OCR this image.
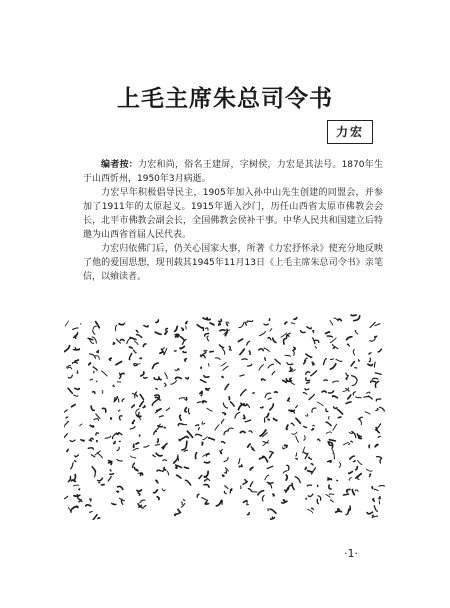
上毛主席朱总司令书
力宏

编者按：力宏和尚，俗名王建屏，字树侯，力宏是其法号。1870年生于山西忻州，1950年3月病逝。

力宏早年积极倡导民主，1905年加入孙中山先生创建的同盟会，并参加了1911年的太原起义。1915年遁入沙门，历任山西省太原市佛教会会长，北平市佛教会副会长，全国佛教会侯补干事。中华人民共和国建立后特邀为山西省首届人民代表。

力宏归依佛门后，仍关心国家大事，所著《力宏抒怀录》使充分地反映了他的爱国思想，现刊载其1945年11月13日《上毛主席朱总司令书》亲笔信，以飨读者。

·1·
